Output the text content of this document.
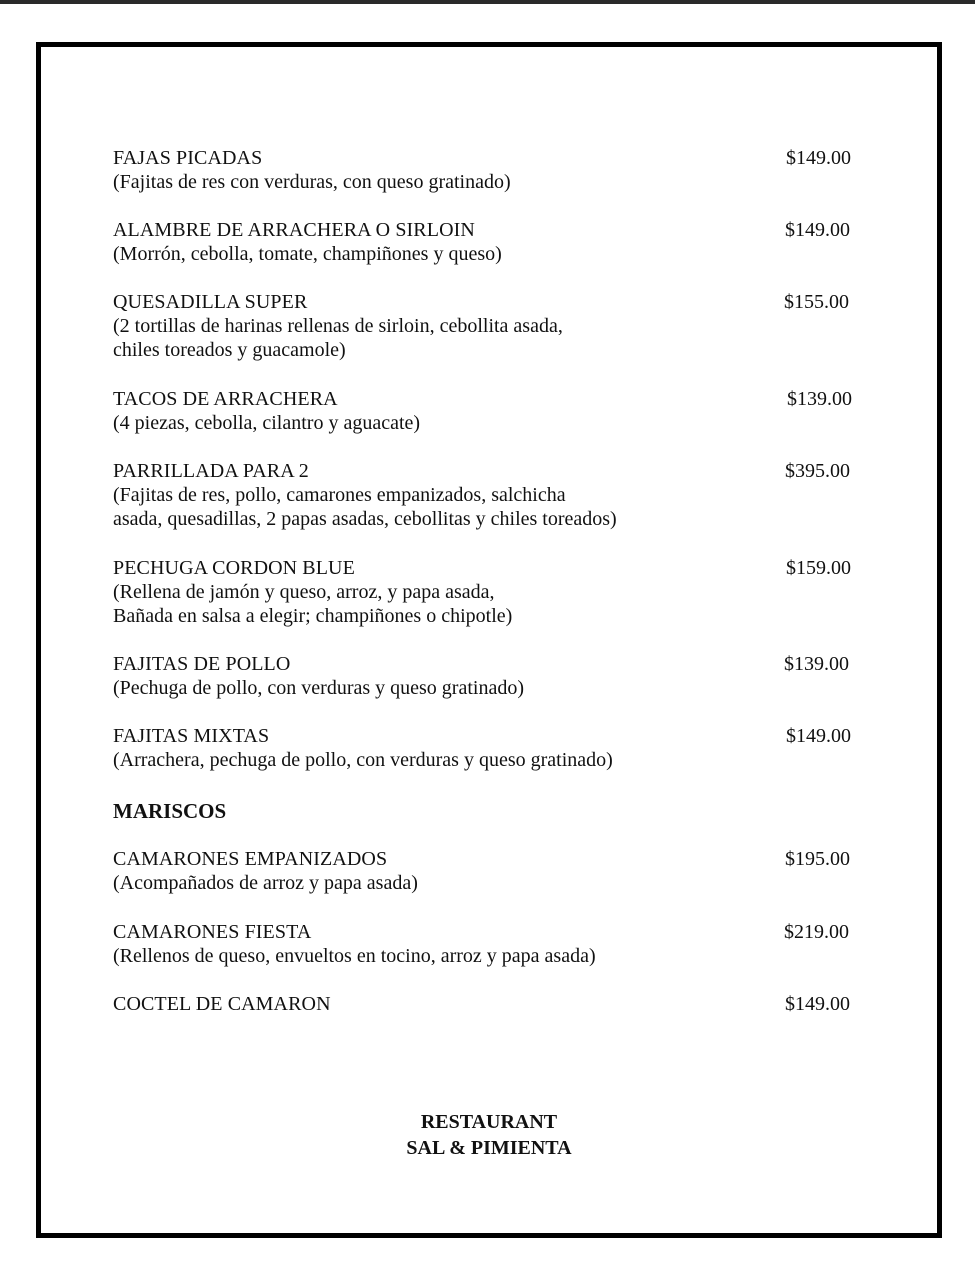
FAJAS PICADAS
(Fajitas de res con verduras, con queso gratinado)
$149.00
ALAMBRE DE ARRACHERA O SIRLOIN
(Morrón, cebolla, tomate, champiñones y queso)
$149.00
QUESADILLA SUPER
(2 tortillas de harinas rellenas de sirloin, cebollita asada,
chiles toreados y guacamole)
$155.00
TACOS DE ARRACHERA
(4 piezas, cebolla, cilantro y aguacate)
$139.00
PARRILLADA PARA 2
(Fajitas de res, pollo, camarones empanizados, salchicha
asada, quesadillas, 2 papas asadas, cebollitas y chiles toreados)
$395.00
PECHUGA CORDON BLUE
(Rellena de jamón y queso, arroz, y papa asada,
Bañada en salsa a elegir; champiñones o chipotle)
$159.00
FAJITAS DE POLLO
(Pechuga de pollo, con verduras y queso gratinado)
$139.00
FAJITAS MIXTAS
(Arrachera, pechuga de pollo, con verduras y queso gratinado)
$149.00
MARISCOS
CAMARONES EMPANIZADOS
(Acompañados de arroz y papa asada)
$195.00
CAMARONES FIESTA
(Rellenos de queso, envueltos en tocino, arroz y papa asada)
$219.00
COCTEL DE CAMARON	$149.00
RESTAURANT
SAL & PIMIENTA
